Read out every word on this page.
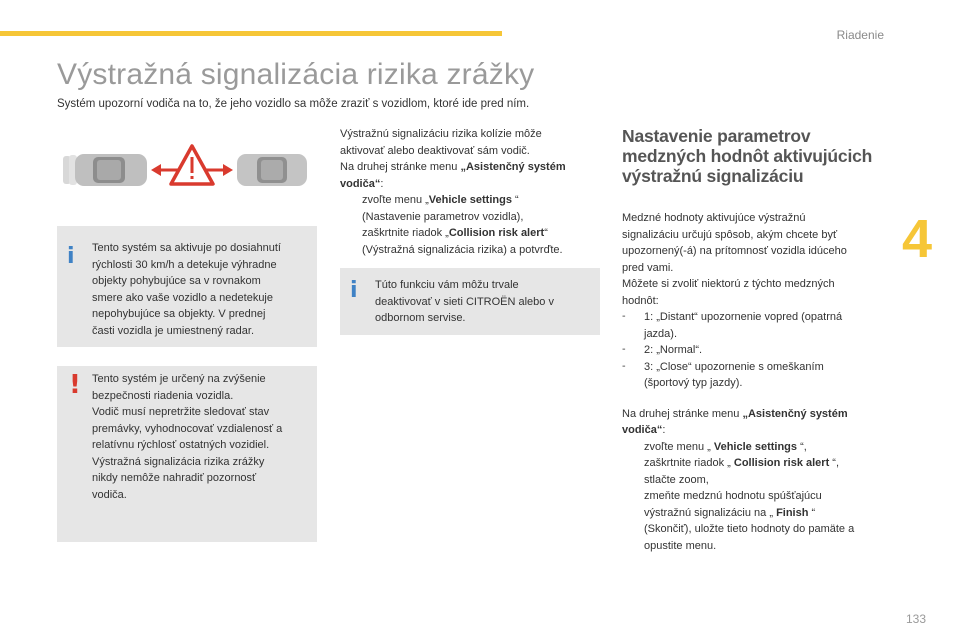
Riadenie
4
Výstražná signalizácia rizika zrážky

Systém upozorní vodiča na to, že jeho vozidlo sa môže zraziť s vozidlom, ktoré ide pred ním.

i Tento systém sa aktivuje po dosiahnutí
rýchlosti 30 km/h a detekuje výhradne
objekty pohybujúce sa v rovnakom
smere ako vaše vozidlo a nedetekuje
nepohybujúce sa objekty. V prednej
časti vozidla je umiestnený radar.
! Tento systém je určený na zvýšenie
bezpečnosti riadenia vozidla.
Vodič musí nepretržite sledovať stav
premávky, vyhodnocovať vzdialenosť a
relatívnu rýchlosť ostatných vozidiel.
Výstražná signalizácia rizika zrážky
nikdy nemôže nahradiť pozornosť
vodiča.
Výstražnú signalizáciu rizika kolízie môže
aktivovať alebo deaktivovať sám vodič.
Na druhej stránke menu „Asistenčný systém vodiča“:
zvoľte menu „Vehicle settings “
(Nastavenie parametrov vozidla),
zaškrtnite riadok „Collision risk alert“
(Výstražná signalizácia rizika) a potvrďte.
i Túto funkciu vám môžu trvale
deaktivovať v sieti CITROËN alebo v
odbornom servise.
Nastavenie parametrov
medzných hodnôt aktivujúcich
výstražnú signalizáciu
Medzné hodnoty aktivujúce výstražnú
signalizáciu určujú spôsob, akým chcete byť
upozornený(-á) na prítomnosť vozidla idúceho
pred vami.
Môžete si zvoliť niektorú z týchto medzných
hodnôt:
-	1: „Distant“ upozornenie vopred (opatrná
jazda).
-	2: „Normal“.
-	3: „Close“ upozornenie s omeškaním
(športový typ jazdy).
Na druhej stránke menu „Asistenčný systém vodiča“:
zvoľte menu „ Vehicle settings “,
zaškrtnite riadok „ Collision risk alert “,
stlačte zoom,
zmeňte medznú hodnotu spúšťajúcu
výstražnú signalizáciu na „ Finish “
(Skončiť), uložte tieto hodnoty do pamäte a
opustite menu.
133
